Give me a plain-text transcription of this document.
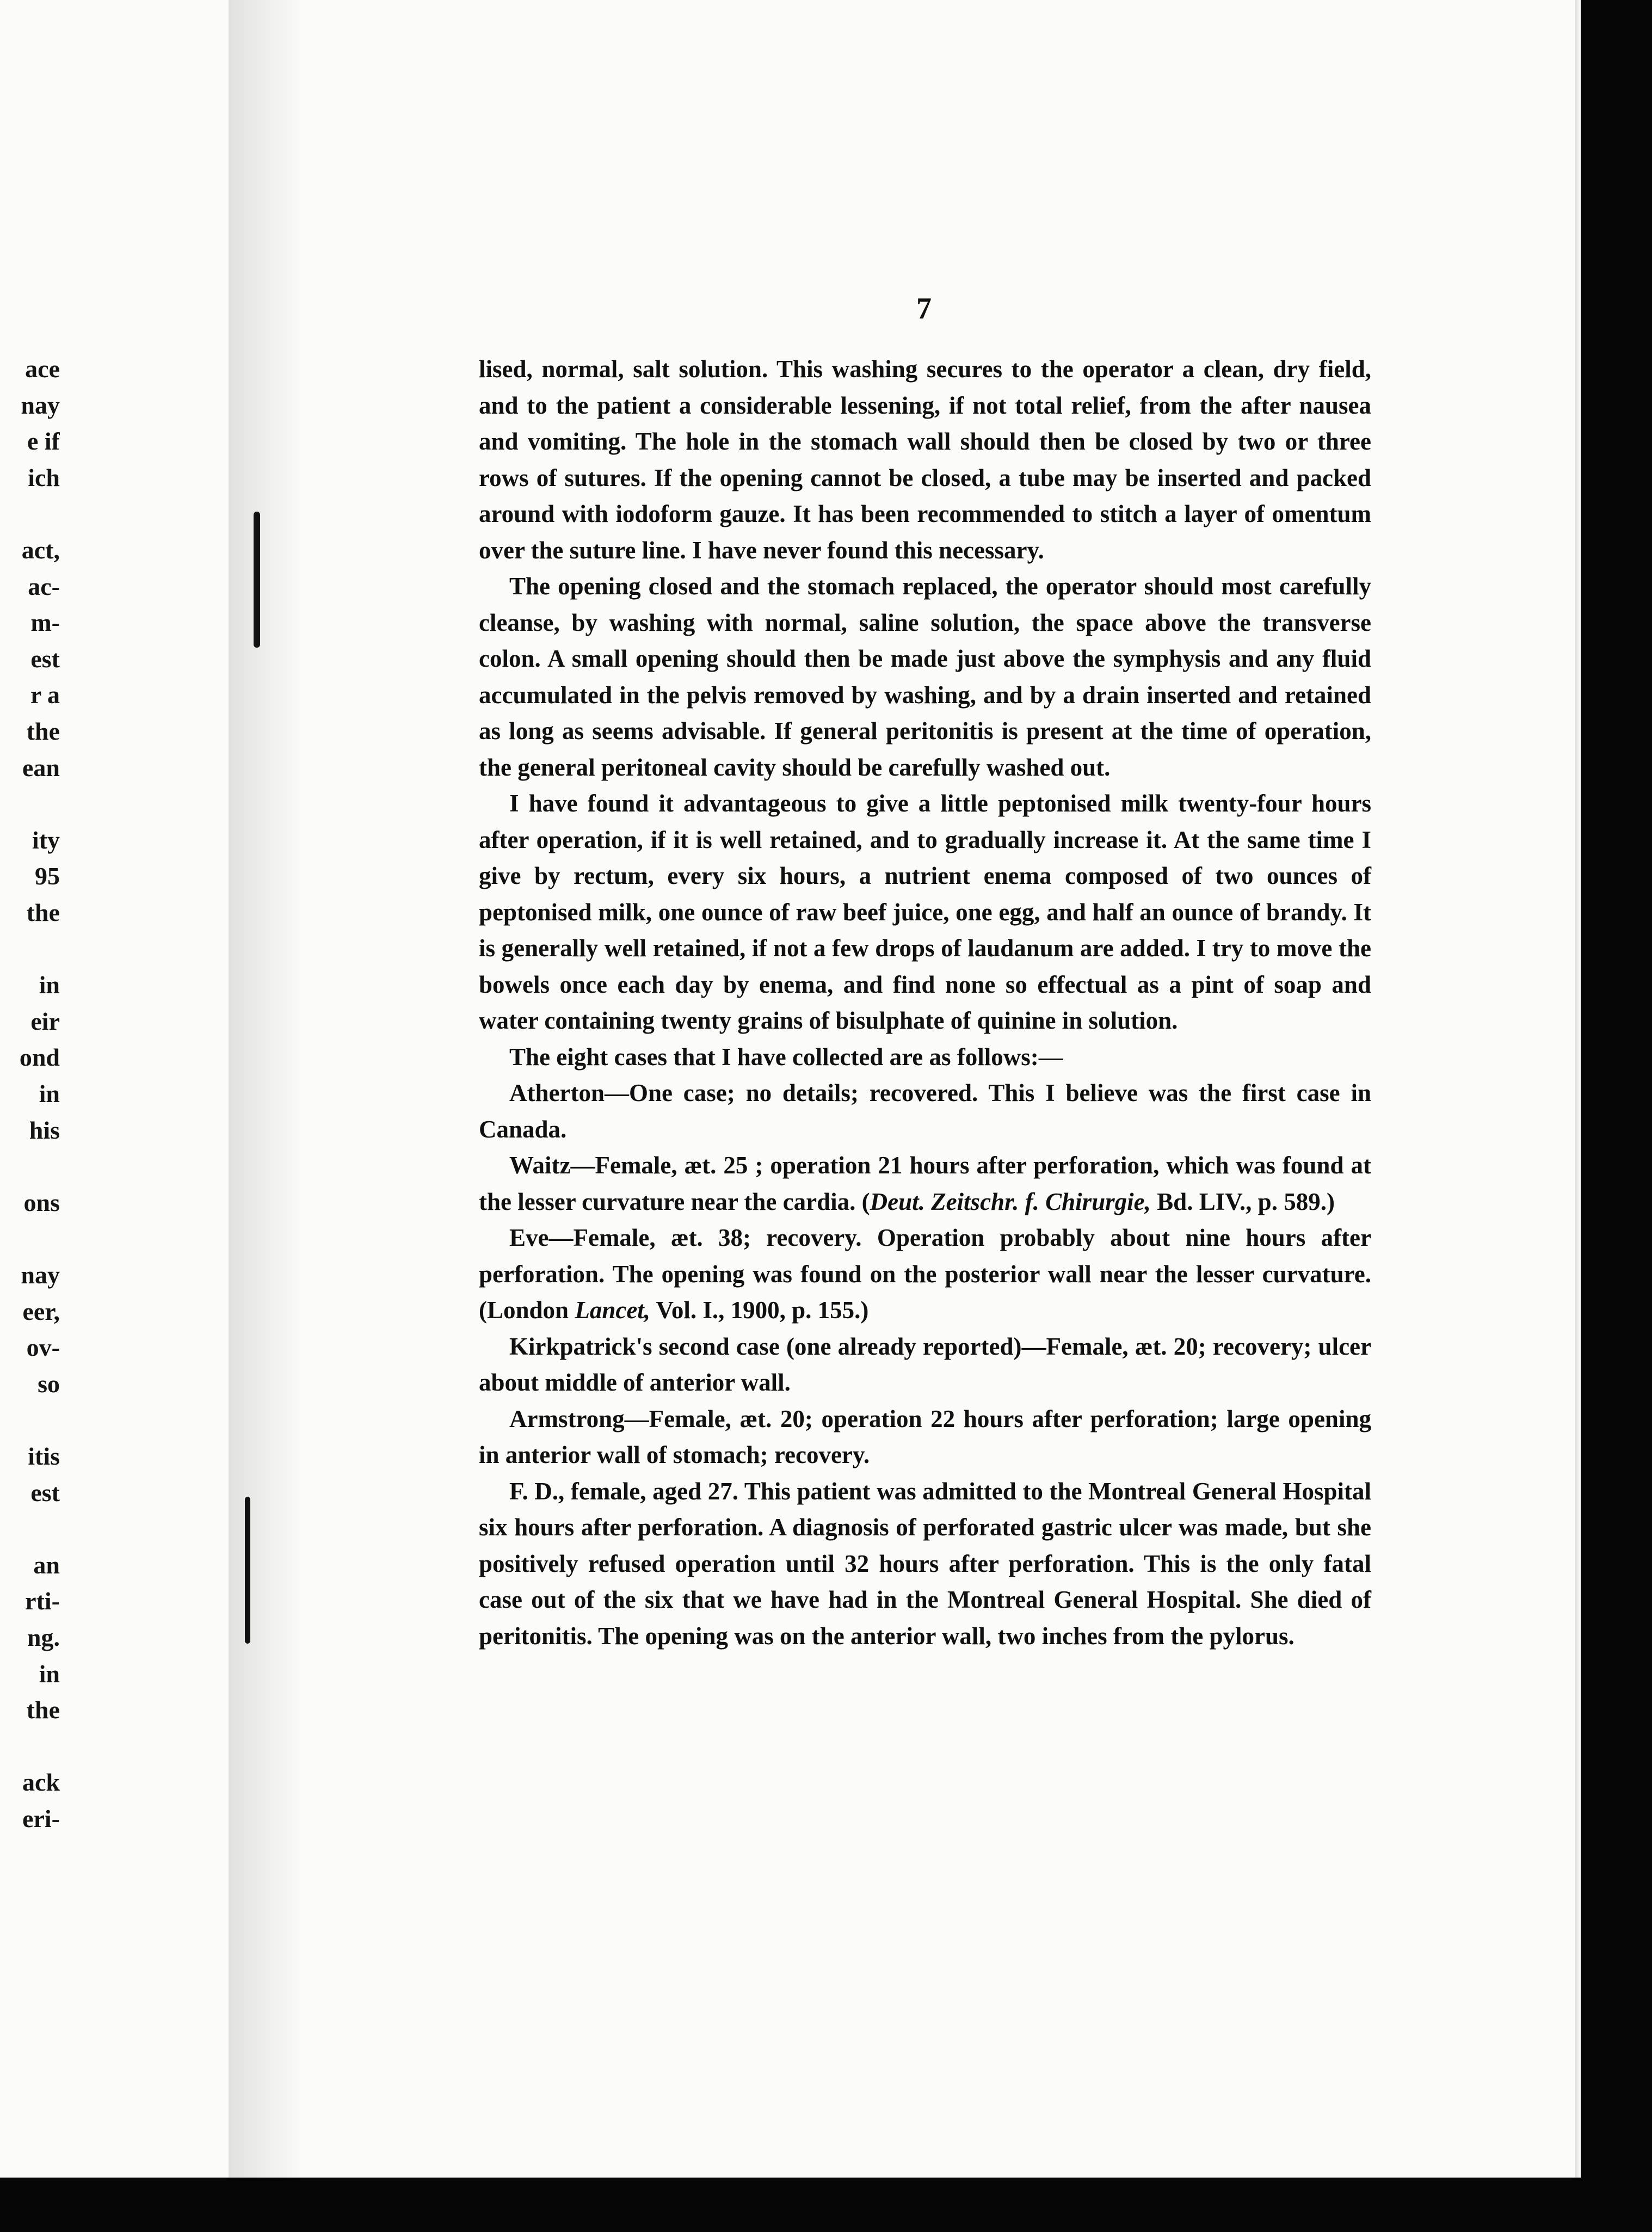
ace
nay
e if
ich
act,
ac-
m-
est
r a
the
ean
ity
95
the
in
eir
ond
in
his
ons
nay
eer,
ov-
so
itis
est
an
rti-
ng.
in
the
ack
eri-
7

lised, normal, salt solution. This washing secures to the operator a clean, dry field, and to the patient a considerable lessening, if not total relief, from the after nausea and vomiting. The hole in the stomach wall should then be closed by two or three rows of sutures. If the opening cannot be closed, a tube may be inserted and packed around with iodoform gauze. It has been recommended to stitch a layer of omentum over the suture line. I have never found this necessary.

The opening closed and the stomach replaced, the operator should most carefully cleanse, by washing with normal, saline solution, the space above the transverse colon. A small opening should then be made just above the symphysis and any fluid accumulated in the pelvis removed by washing, and by a drain inserted and retained as long as seems advisable. If general peritonitis is present at the time of operation, the general peritoneal cavity should be carefully washed out.

I have found it advantageous to give a little peptonised milk twenty-four hours after operation, if it is well retained, and to gradually increase it. At the same time I give by rectum, every six hours, a nutrient enema composed of two ounces of peptonised milk, one ounce of raw beef juice, one egg, and half an ounce of brandy. It is generally well retained, if not a few drops of laudanum are added. I try to move the bowels once each day by enema, and find none so effectual as a pint of soap and water containing twenty grains of bisulphate of quinine in solution.

The eight cases that I have collected are as follows:—

Atherton—One case; no details; recovered. This I believe was the first case in Canada.

Waitz—Female, æt. 25 ; operation 21 hours after perforation, which was found at the lesser curvature near the cardia. (Deut. Zeitschr. f. Chirurgie, Bd. LIV., p. 589.)

Eve—Female, æt. 38; recovery. Operation probably about nine hours after perforation. The opening was found on the posterior wall near the lesser curvature. (London Lancet, Vol. I., 1900, p. 155.)

Kirkpatrick's second case (one already reported)—Female, æt. 20; recovery; ulcer about middle of anterior wall.

Armstrong—Female, æt. 20; operation 22 hours after perforation; large opening in anterior wall of stomach; recovery.

F. D., female, aged 27. This patient was admitted to the Montreal General Hospital six hours after perforation. A diagnosis of perforated gastric ulcer was made, but she positively refused operation until 32 hours after perforation. This is the only fatal case out of the six that we have had in the Montreal General Hospital. She died of peritonitis. The opening was on the anterior wall, two inches from the pylorus.
